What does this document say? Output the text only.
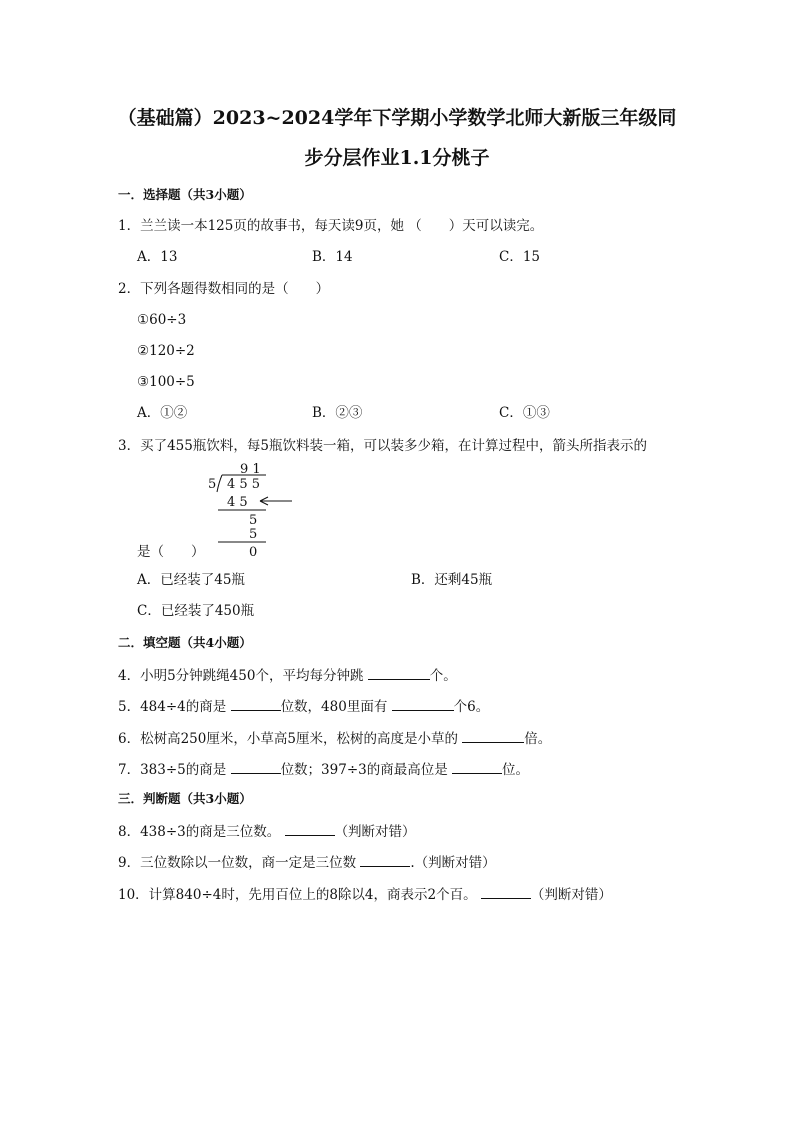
（基础篇）2023~2024学年下学期小学数学北师大新版三年级同
步分层作业1.1分桃子
一．选择题（共3小题）
1．兰兰读一本125页的故事书，每天读9页，她 （　　）天可以读完。
A．13	B．14	C．15
2．下列各题得数相同的是（　　）
①60÷3
②120÷2
③100÷5
A．①②	B．②③	C．①③
3．买了455瓶饮料，每5瓶饮料装一箱，可以装多少箱，在计算过程中，箭头所指表示的
9 1
5 4 5 5
4 5
5
5
0
是（　　）
A．已经装了45瓶	B．还剩45瓶
C．已经装了450瓶
二．填空题（共4小题）
4．小明5分钟跳绳450个，平均每分钟跳	个。
5．484÷4的商是	位数，480里面有	个6。
6．松树高250厘米，小草高5厘米，松树的高度是小草的	倍。
7．383÷5的商是	位数；397÷3的商最高位是	位。
三．判断题（共3小题）
8．438÷3的商是三位数。	（判断对错）
9．三位数除以一位数，商一定是三位数	.（判断对错）
10．计算840÷4时，先用百位上的8除以4，商表示2个百。	（判断对错）
